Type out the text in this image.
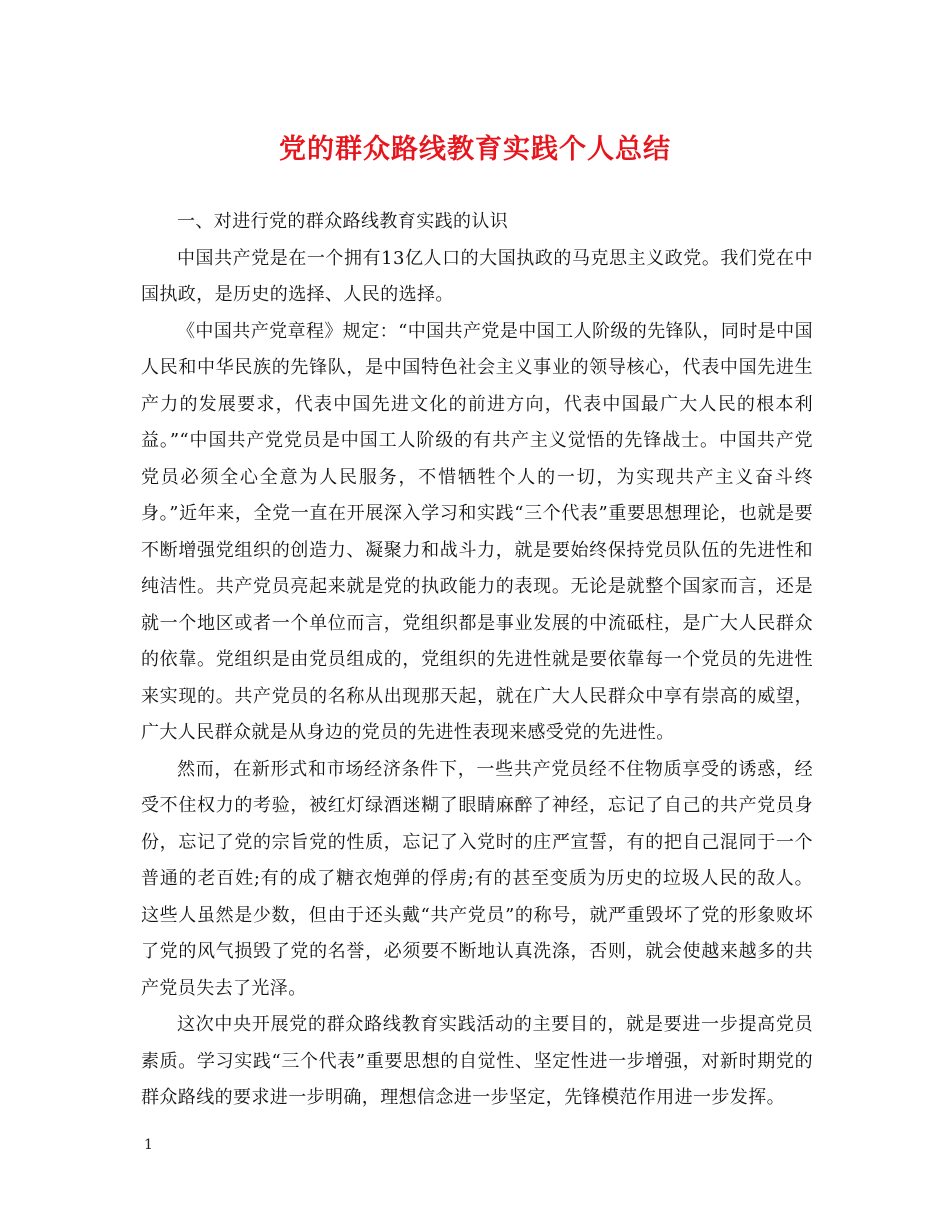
党的群众路线教育实践个人总结

一、对进行党的群众路线教育实践的认识

中国共产党是在一个拥有13亿人口的大国执政的马克思主义政党。我们党在中国执政，是历史的选择、人民的选择。

《中国共产党章程》规定：“中国共产党是中国工人阶级的先锋队，同时是中国人民和中华民族的先锋队，是中国特色社会主义事业的领导核心，代表中国先进生产力的发展要求，代表中国先进文化的前进方向，代表中国最广大人民的根本利益。”“中国共产党党员是中国工人阶级的有共产主义觉悟的先锋战士。中国共产党党员必须全心全意为人民服务，不惜牺牲个人的一切，为实现共产主义奋斗终身。”近年来，全党一直在开展深入学习和实践“三个代表”重要思想理论，也就是要不断增强党组织的创造力、凝聚力和战斗力，就是要始终保持党员队伍的先进性和纯洁性。共产党员亮起来就是党的执政能力的表现。无论是就整个国家而言，还是就一个地区或者一个单位而言，党组织都是事业发展的中流砥柱，是广大人民群众的依靠。党组织是由党员组成的，党组织的先进性就是要依靠每一个党员的先进性来实现的。共产党员的名称从出现那天起，就在广大人民群众中享有崇高的威望，广大人民群众就是从身边的党员的先进性表现来感受党的先进性。

然而，在新形式和市场经济条件下，一些共产党员经不住物质享受的诱惑，经受不住权力的考验，被红灯绿酒迷糊了眼睛麻醉了神经，忘记了自己的共产党员身份，忘记了党的宗旨党的性质，忘记了入党时的庄严宣誓，有的把自己混同于一个普通的老百姓;有的成了糖衣炮弹的俘虏;有的甚至变质为历史的垃圾人民的敌人。这些人虽然是少数，但由于还头戴“共产党员”的称号，就严重毁坏了党的形象败坏了党的风气损毁了党的名誉，必须要不断地认真洗涤，否则，就会使越来越多的共产党员失去了光泽。

这次中央开展党的群众路线教育实践活动的主要目的，就是要进一步提高党员素质。学习实践“三个代表”重要思想的自觉性、坚定性进一步增强，对新时期党的群众路线的要求进一步明确，理想信念进一步坚定，先锋模范作用进一步发挥。

1
